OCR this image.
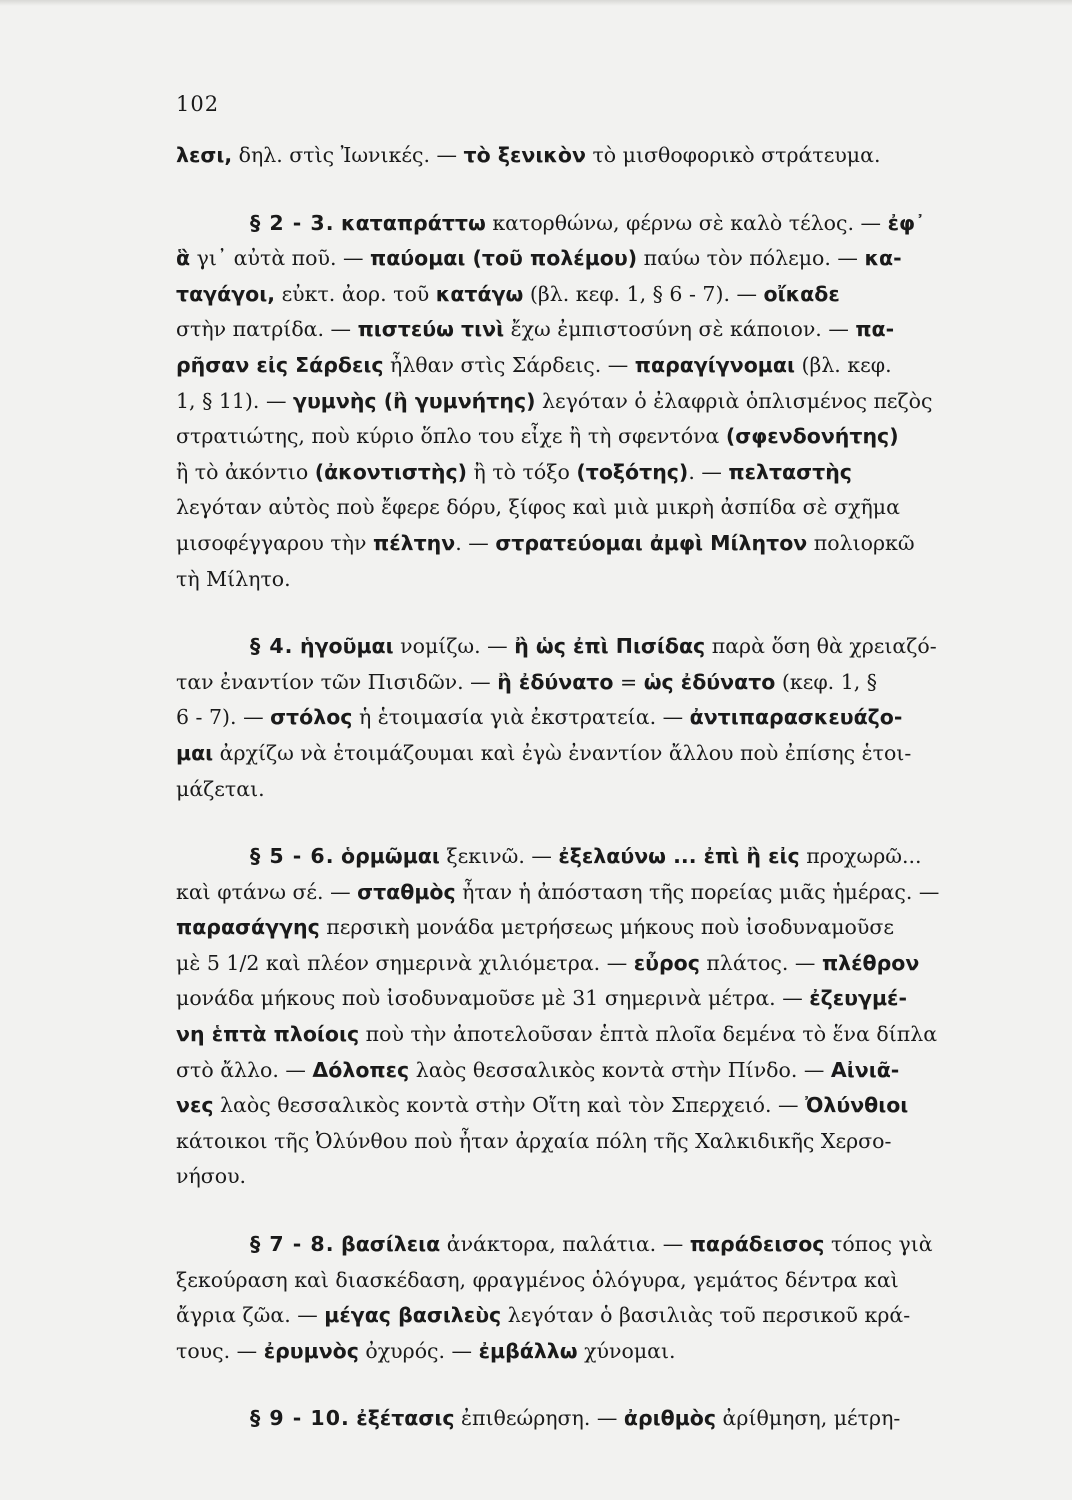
102

λεσι, δηλ. στὶς Ἰωνικές. — τὸ ξενικὸν τὸ μισθοφορικὸ στράτευμα.

§ 2 - 3. καταπράττω κατορθώνω, φέρνω σὲ καλὸ τέλος. — ἐφ᾽
ἃ γι᾽ αὐτὰ ποῦ. — παύομαι (τοῦ πολέμου) παύω τὸν πόλεμο. — κα-
ταγάγοι, εὐκτ. ἀορ. τοῦ κατάγω (βλ. κεφ. 1, § 6 - 7). — οἴκαδε
στὴν πατρίδα. — πιστεύω τινὶ ἔχω ἐμπιστοσύνη σὲ κάποιον. — πα-
ρῆσαν εἰς Σάρδεις ἦλθαν στὶς Σάρδεις. — παραγίγνομαι (βλ. κεφ.
1, § 11). — γυμνὴς (ἢ γυμνήτης) λεγόταν ὁ ἐλαφριὰ ὁπλισμένος πεζὸς
στρατιώτης, ποὺ κύριο ὅπλο του εἶχε ἢ τὴ σφεντόνα (σφενδονήτης)
ἢ τὸ ἀκόντιο (ἀκοντιστὴς) ἢ τὸ τόξο (τοξότης). — πελταστὴς
λεγόταν αὐτὸς ποὺ ἔφερε δόρυ, ξίφος καὶ μιὰ μικρὴ ἀσπίδα σὲ σχῆμα
μισοφέγγαρου τὴν πέλτην. — στρατεύομαι ἀμφὶ Μίλητον πολιορκῶ
τὴ Μίλητο.

§ 4. ἡγοῦμαι νομίζω. — ἢ ὡς ἐπὶ Πισίδας παρὰ ὅση θὰ χρειαζό-
ταν ἐναντίον τῶν Πισιδῶν. — ἢ ἐδύνατο = ὡς ἐδύνατο (κεφ. 1, §
6 - 7). — στόλος ἡ ἑτοιμασία γιὰ ἐκστρατεία. — ἀντιπαρασκευάζο-
μαι ἀρχίζω νὰ ἑτοιμάζουμαι καὶ ἐγὼ ἐναντίον ἄλλου ποὺ ἐπίσης ἑτοι-
μάζεται.

§ 5 - 6. ὁρμῶμαι ξεκινῶ. — ἐξελαύνω ... ἐπὶ ἢ εἰς προχωρῶ...
καὶ φτάνω σέ. — σταθμὸς ἦταν ἡ ἀπόσταση τῆς πορείας μιᾶς ἡμέρας. —
παρασάγγης περσικὴ μονάδα μετρήσεως μήκους ποὺ ἰσοδυναμοῦσε
μὲ 5 1/2 καὶ πλέον σημερινὰ χιλιόμετρα. — εὖρος πλάτος. — πλέθρον
μονάδα μήκους ποὺ ἰσοδυναμοῦσε μὲ 31 σημερινὰ μέτρα. — ἐζευγμέ-
νη ἑπτὰ πλοίοις ποὺ τὴν ἀποτελοῦσαν ἑπτὰ πλοῖα δεμένα τὸ ἕνα δίπλα
στὸ ἄλλο. — Δόλοπες λαὸς θεσσαλικὸς κοντὰ στὴν Πίνδο. — Αἰνιᾶ-
νες λαὸς θεσσαλικὸς κοντὰ στὴν Οἴτη καὶ τὸν Σπερχειό. — Ὀλύνθιοι
κάτοικοι τῆς Ὀλύνθου ποὺ ἦταν ἀρχαία πόλη τῆς Χαλκιδικῆς Χερσο-
νήσου.

§ 7 - 8. βασίλεια ἀνάκτορα, παλάτια. — παράδεισος τόπος γιὰ
ξεκούραση καὶ διασκέδαση, φραγμένος ὁλόγυρα, γεμάτος δέντρα καὶ
ἄγρια ζῶα. — μέγας βασιλεὺς λεγόταν ὁ βασιλιὰς τοῦ περσικοῦ κρά-
τους. — ἐρυμνὸς ὀχυρός. — ἐμβάλλω χύνομαι.

§ 9 - 10. ἐξέτασις ἐπιθεώρηση. — ἀριθμὸς ἀρίθμηση, μέτρη-
